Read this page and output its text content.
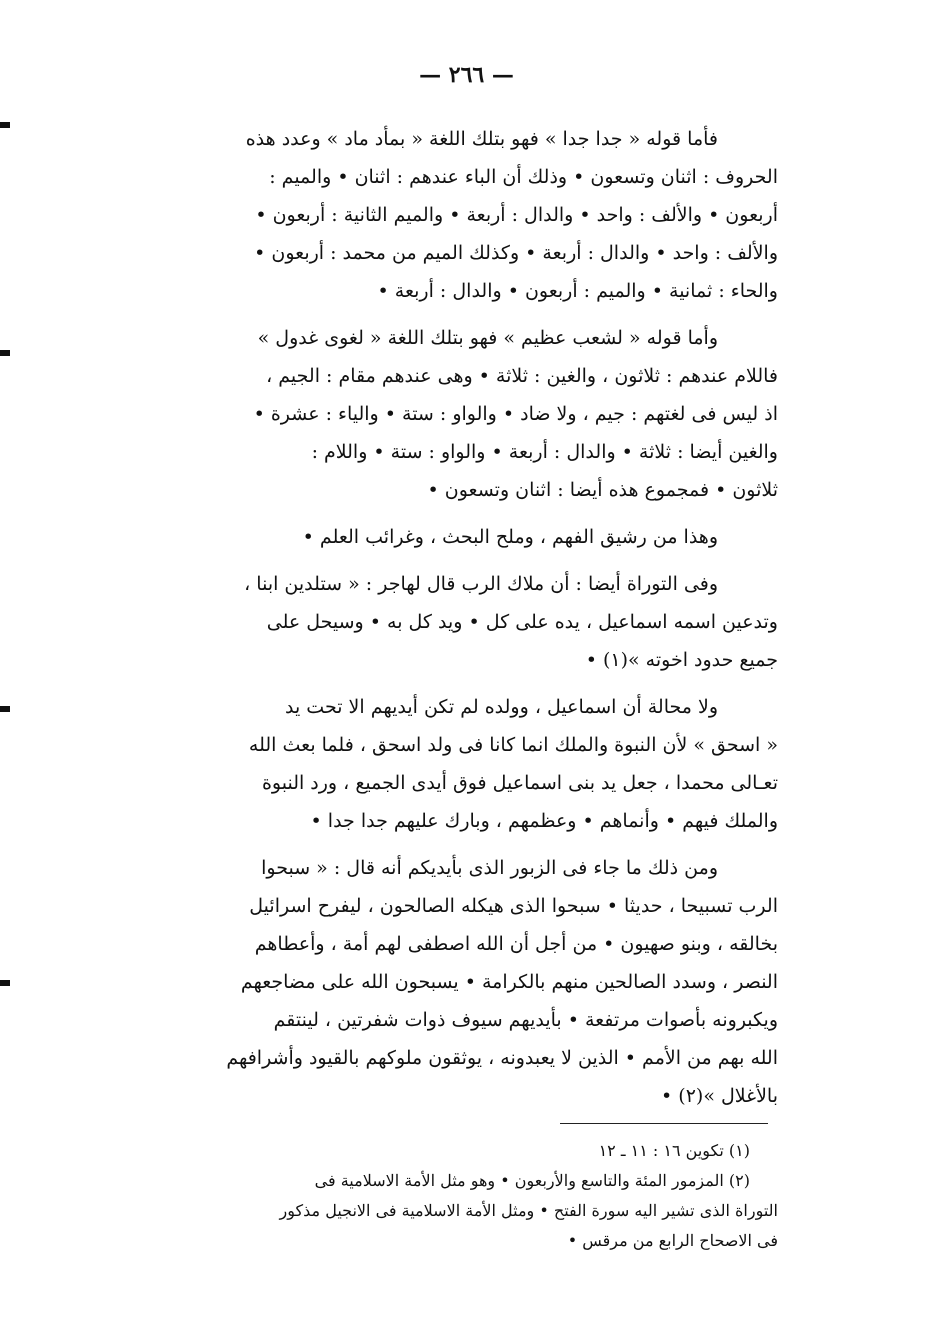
— ٢٦٦ —
فأما قوله « جدا جدا » فهو بتلك اللغة « بمأد ماد » وعدد هذه
الحروف : اثنان وتسعون • وذلك أن الباء عندهم : اثنان • والميم :
أربعون • والألف : واحد • والدال : أربعة • والميم الثانية : أربعون •
والألف : واحد • والدال : أربعة • وكذلك الميم من محمد : أربعون •
والحاء : ثمانية • والميم : أربعون • والدال : أربعة •
وأما قوله « لشعب عظيم » فهو بتلك اللغة « لغوى غدول »
فاللام عندهم : ثلاثون ، والغين : ثلاثة • وهى عندهم مقام : الجيم ،
اذ ليس فى لغتهم : جيم ، ولا ضاد • والواو : ستة • والياء : عشرة •
والغين أيضا : ثلاثة • والدال : أربعة • والواو : ستة • واللام :
ثلاثون • فمجموع هذه أيضا : اثنان وتسعون •
وهذا من رشيق الفهم ، وملح البحث ، وغرائب العلم •
وفى التوراة أيضا : أن ملاك الرب قال لهاجر : « ستلدين ابنا ،
وتدعين اسمه اسماعيل ، يده على كل • ويد كل به • وسيحل على
جميع حدود اخوته »(١) •
ولا محالة أن اسماعيل ، وولده لم تكن أيديهم الا تحت يد
« اسحق » لأن النبوة والملك انما كانا فى ولد اسحق ، فلما بعث الله
تعـالى محمدا ، جعل يد بنى اسماعيل فوق أيدى الجميع ، ورد النبوة
والملك فيهم • وأنماهم • وعظمهم ، وبارك عليهم جدا جدا •
ومن ذلك ما جاء فى الزبور الذى بأيديكم أنه قال : « سبحوا
الرب تسبيحا ، حديثا • سبحوا الذى هيكله الصالحون ، ليفرح اسرائيل
بخالقه ، وبنو صهيون • من أجل أن الله اصطفى لهم أمة ، وأعطاهم
النصر ، وسدد الصالحين منهم بالكرامة • يسبحون الله على مضاجعهم
ويكبرونه بأصوات مرتفعة • بأيديهم سيوف ذوات شفرتين ، لينتقم
الله بهم من الأمم • الذين لا يعبدونه ، يوثقون ملوكهم بالقيود وأشرافهم
بالأغلال »(٢) •
(١) تكوين ١٦ : ١١ ـ ١٢
(٢) المزمور المئة والتاسع والأربعون • وهو مثل الأمة الاسلامية فى
التوراة الذى تشير اليه سورة الفتح • ومثل الأمة الاسلامية فى الانجيل مذكور
فى الاصحاح الرابع من مرقس •
